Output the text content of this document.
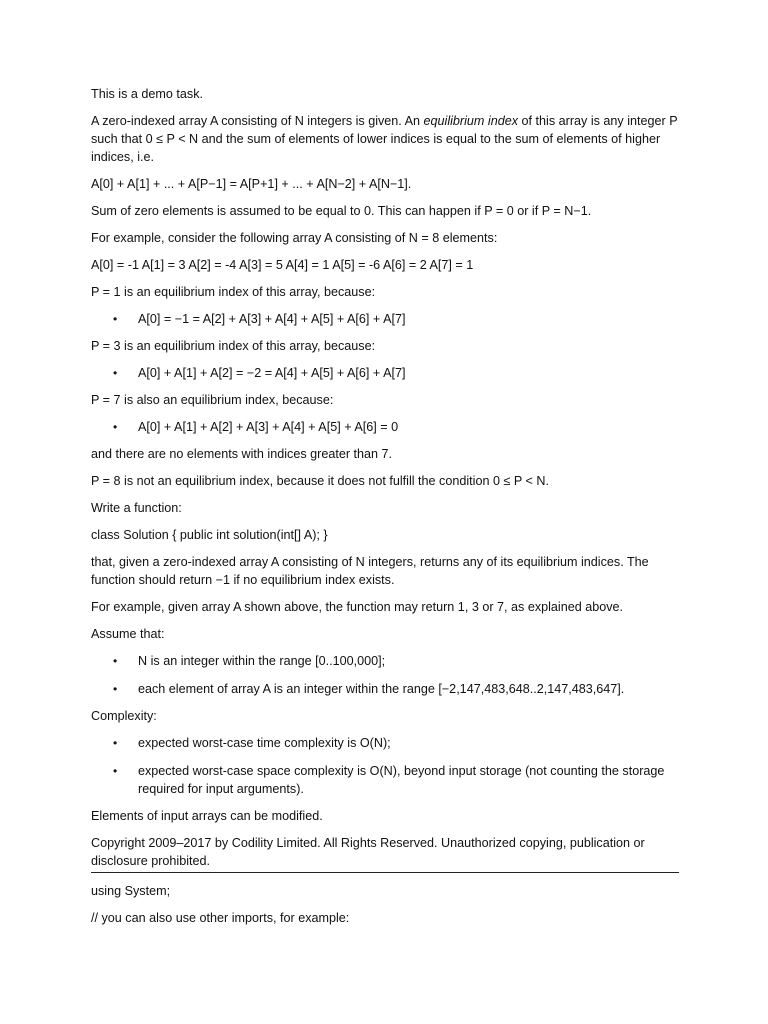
This is a demo task.
A zero-indexed array A consisting of N integers is given. An equilibrium index of this array is any integer P such that 0 ≤ P < N and the sum of elements of lower indices is equal to the sum of elements of higher indices, i.e.
A[0] + A[1] + ... + A[P−1] = A[P+1] + ... + A[N−2] + A[N−1].
Sum of zero elements is assumed to be equal to 0. This can happen if P = 0 or if P = N−1.
For example, consider the following array A consisting of N = 8 elements:
A[0] = -1 A[1] = 3 A[2] = -4 A[3] = 5 A[4] = 1 A[5] = -6 A[6] = 2 A[7] = 1
P = 1 is an equilibrium index of this array, because:
• A[0] = −1 = A[2] + A[3] + A[4] + A[5] + A[6] + A[7]
P = 3 is an equilibrium index of this array, because:
• A[0] + A[1] + A[2] = −2 = A[4] + A[5] + A[6] + A[7]
P = 7 is also an equilibrium index, because:
• A[0] + A[1] + A[2] + A[3] + A[4] + A[5] + A[6] = 0
and there are no elements with indices greater than 7.
P = 8 is not an equilibrium index, because it does not fulfill the condition 0 ≤ P < N.
Write a function:
class Solution { public int solution(int[] A); }
that, given a zero-indexed array A consisting of N integers, returns any of its equilibrium indices. The function should return −1 if no equilibrium index exists.
For example, given array A shown above, the function may return 1, 3 or 7, as explained above.
Assume that:
• N is an integer within the range [0..100,000];
• each element of array A is an integer within the range [−2,147,483,648..2,147,483,647].
Complexity:
• expected worst-case time complexity is O(N);
• expected worst-case space complexity is O(N), beyond input storage (not counting the storage required for input arguments).
Elements of input arrays can be modified.
Copyright 2009–2017 by Codility Limited. All Rights Reserved. Unauthorized copying, publication or disclosure prohibited.
using System;
// you can also use other imports, for example:
